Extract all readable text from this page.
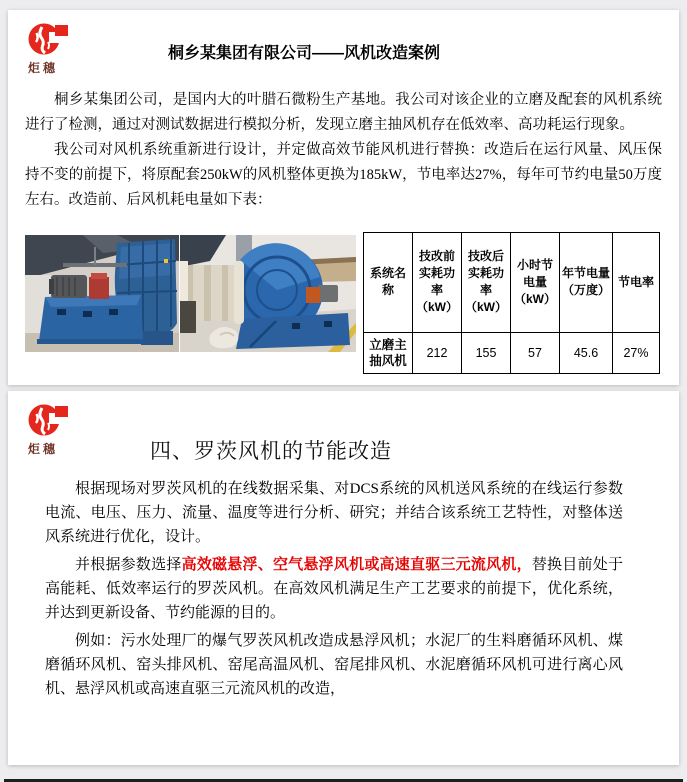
炬穗
桐乡某集团有限公司——风机改造案例

桐乡某集团公司，是国内大的叶腊石微粉生产基地。我公司对该企业的立磨及配套的风机系统进行了检测，通过对测试数据进行模拟分析，发现立磨主抽风机存在低效率、高功耗运行现象。

我公司对风机系统重新进行设计，并定做高效节能风机进行替换：改造后在运行风量、风压保持不变的前提下，将原配套250kW的风机整体更换为185kW，节电率达27%，每年可节约电量50万度左右。改造前、后风机耗电量如下表：

系统名称	技改前实耗功率（kW）	技改后实耗功率（kW）	小时节电量（kW）	年节电量（万度）	节电率
立磨主抽风机	212	155	57	45.6	27%
炬穗	四、罗茨风机的节能改造

根据现场对罗茨风机的在线数据采集、对DCS系统的风机送风系统的在线运行参数电流、电压、压力、流量、温度等进行分析、研究；并结合该系统工艺特性，对整体送风系统进行优化，设计。

并根据参数选择高效磁悬浮、空气悬浮风机或高速直驱三元流风机，替换目前处于高能耗、低效率运行的罗茨风机。在高效风机满足生产工艺要求的前提下，优化系统，并达到更新设备、节约能源的目的。

例如：污水处理厂的爆气罗茨风机改造成悬浮风机；水泥厂的生料磨循环风机、煤磨循环风机、窑头排风机、窑尾高温风机、窑尾排风机、水泥磨循环风机可进行离心风机、悬浮风机或高速直驱三元流风机的改造，
